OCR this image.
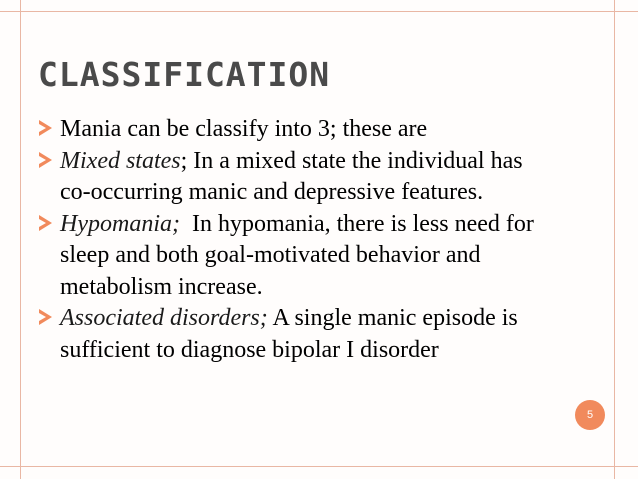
CLASSIFICATION
Mania can be classify into 3; these are
Mixed states; In a mixed state the individual has co-occurring manic and depressive features.
Hypomania;  In hypomania, there is less need for sleep and both goal-motivated behavior and metabolism increase.
Associated disorders; A single manic episode is sufficient to diagnose bipolar I disorder
5
